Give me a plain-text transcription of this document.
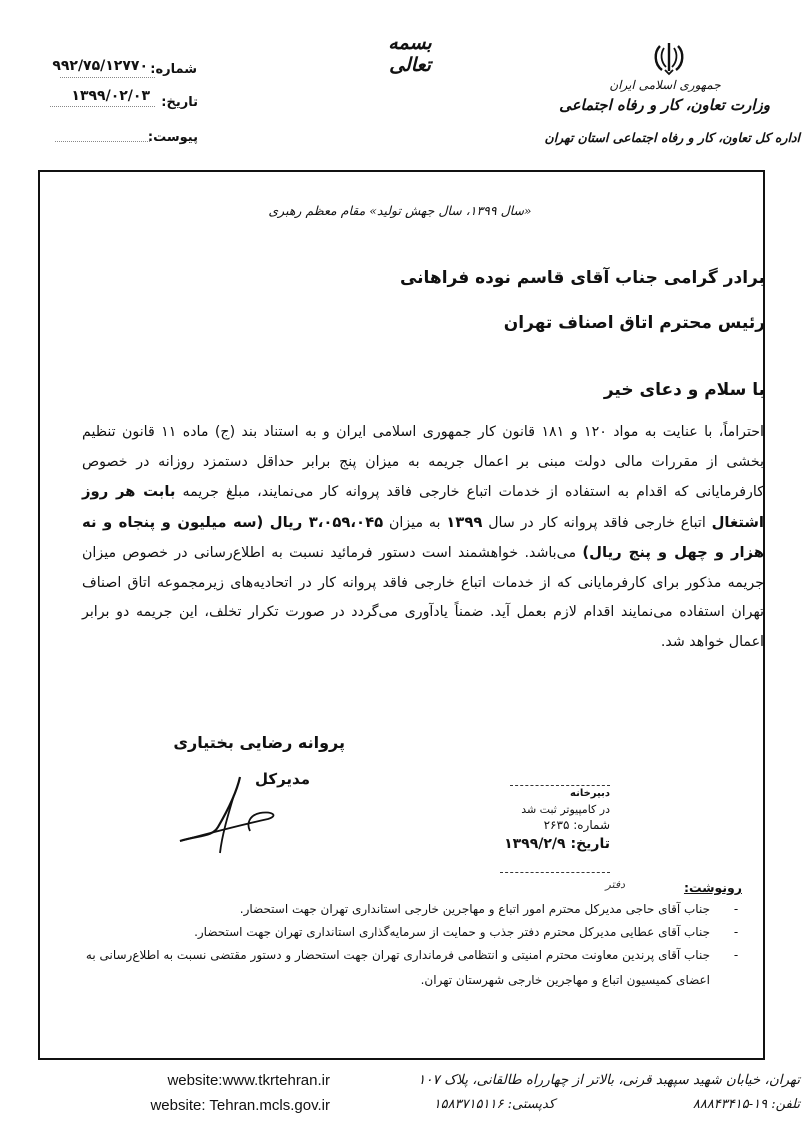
جمهوری اسلامی ایران
وزارت تعاون، کار و رفاه اجتماعی
اداره کل تعاون، کار و رفاه اجتماعی استان تهران
بسمه تعالی
شماره:
۹۹۲/۷۵/۱۲۷۷۰
تاریخ:
۱۳۹۹/۰۲/۰۳
پیوست:
«سال ۱۳۹۹، سال جهش تولید» مقام معظم رهبری
برادر گرامی جناب آقای قاسم نوده فراهانی
رئیس محترم اتاق اصناف تهران
با سلام و دعای خیر
احتراماً، با عنایت به مواد ۱۲۰ و ۱۸۱ قانون کار جمهوری اسلامی ایران و به استناد بند (ج) ماده ۱۱ قانون تنظیم بخشی از مقررات مالی دولت مبنی بر اعمال جریمه به میزان پنج برابر حداقل دستمزد روزانه در خصوص کارفرمایانی که اقدام به استفاده از خدمات اتباع خارجی فاقد پروانه کار می‌نمایند، مبلغ جریمه بابت هر روز اشتغال اتباع خارجی فاقد پروانه کار در سال ۱۳۹۹ به میزان ۳،۰۵۹،۰۴۵ ریال (سه میلیون و پنجاه و نه هزار و چهل و پنج ریال) می‌باشد. خواهشمند است دستور فرمائید نسبت به اطلاع‌رسانی در خصوص میزان جریمه مذکور برای کارفرمایانی که از خدمات اتباع خارجی فاقد پروانه کار در اتحادیه‌های زیرمجموعه اتاق اصناف تهران استفاده می‌نمایند اقدام لازم بعمل آید. ضمناً یادآوری می‌گردد در صورت تکرار تخلف، این جریمه دو برابر اعمال خواهد شد.
پروانه رضایی بختیاری
مدیرکل
دبیرخانه
در کامپیوتر ثبت شد
شماره: ۲۶۳۵
تاریخ: ۱۳۹۹/۲/۹
رونوشت:
دفتر
-
جناب آقای حاجی مدیرکل محترم امور اتباع و مهاجرین خارجی استانداری تهران جهت استحضار.
-
جناب آقای عطایی مدیرکل محترم دفتر جذب و حمایت از سرمایه‌گذاری استانداری تهران جهت استحضار.
-
جناب آقای پرندین معاونت محترم امنیتی و انتظامی فرمانداری تهران جهت استحضار و دستور مقتضی نسبت به اطلاع‌رسانی به
اعضای کمیسیون اتباع و مهاجرین خارجی شهرستان تهران.
تهران، خیابان شهید سپهبد قرنی، بالاتر از چهارراه طالقانی، پلاک ۱۰۷
تلفن: ۱۹-۸۸۸۴۳۴۱۵
کدپستی: ۱۵۸۳۷۱۵۱۱۶
website:www.tkrtehran.ir
website: Tehran.mcls.gov.ir
